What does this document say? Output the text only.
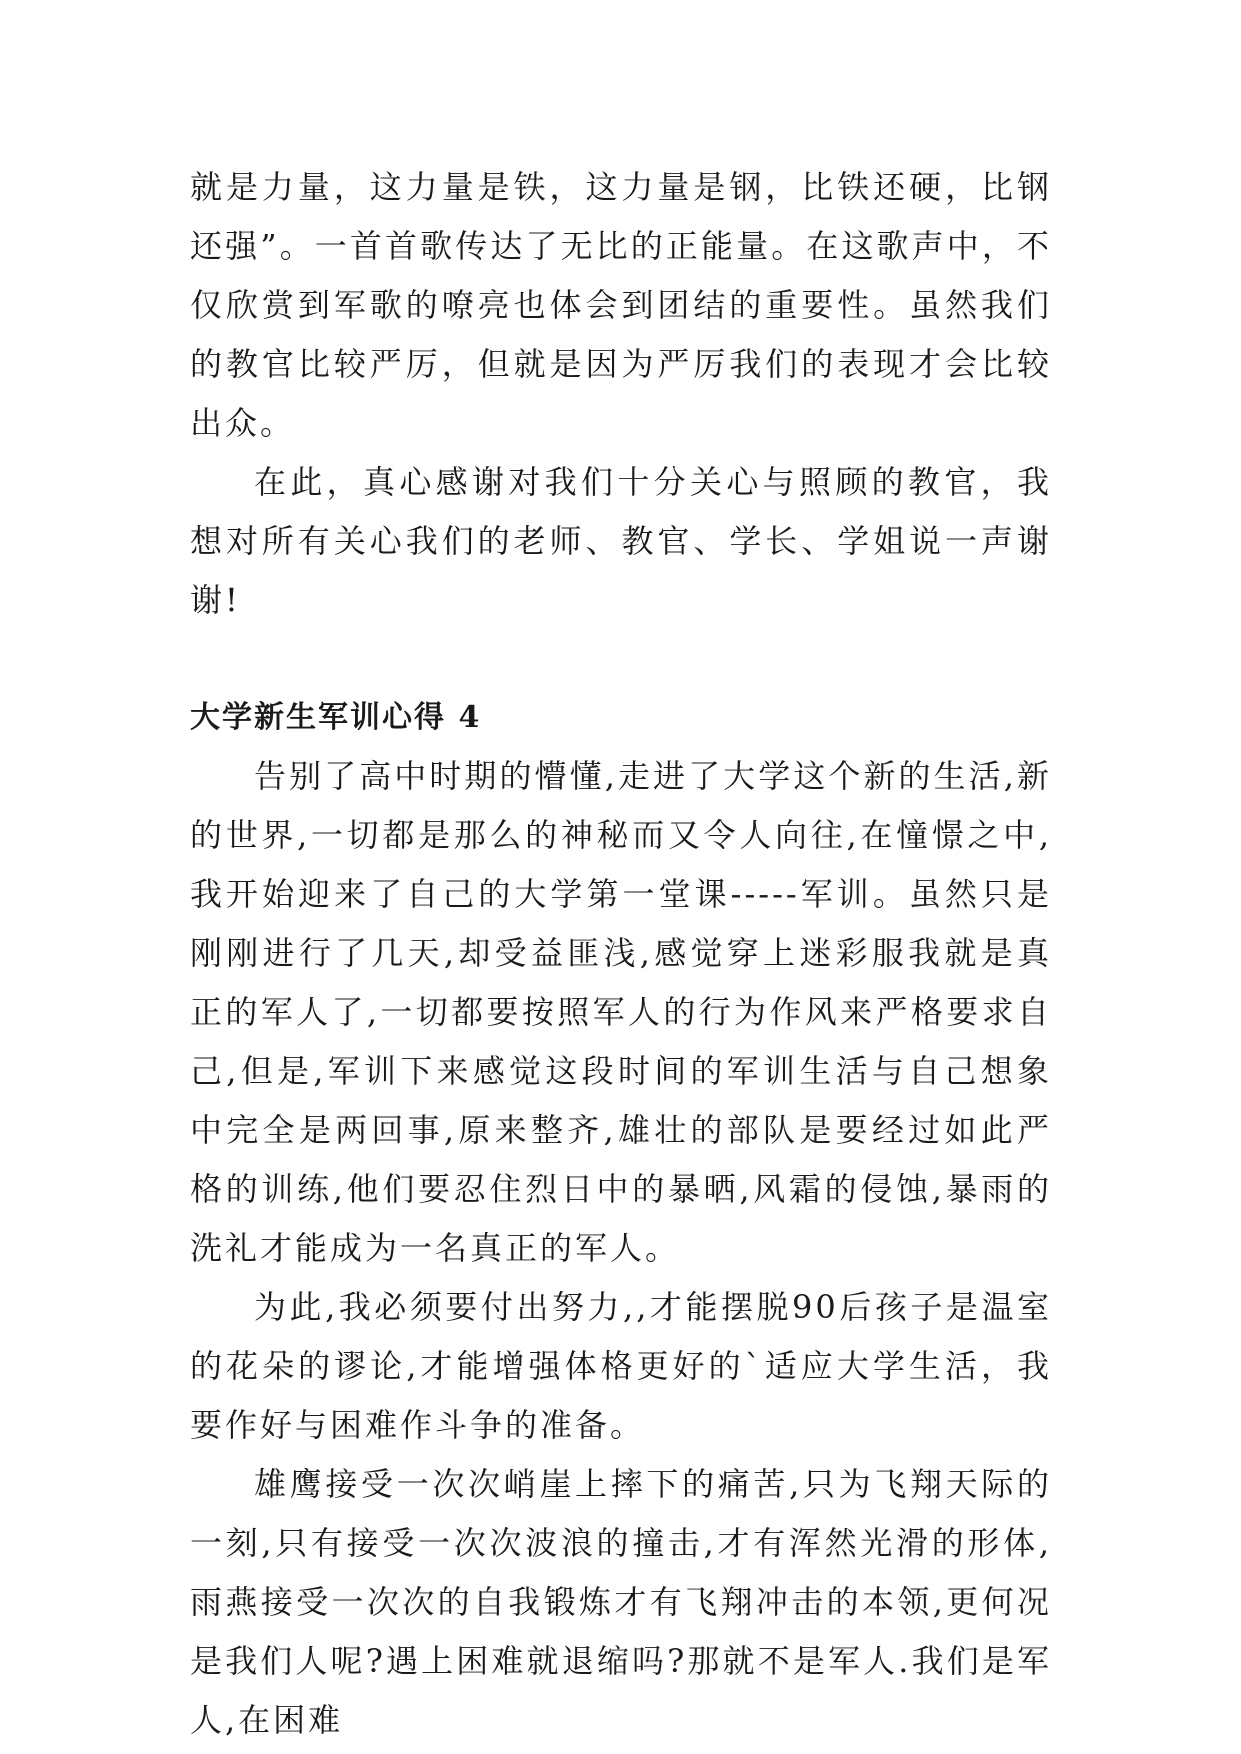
就是力量，这力量是铁，这力量是钢，比铁还硬，比钢还强”。一首首歌传达了无比的正能量。在这歌声中，不仅欣赏到军歌的嘹亮也体会到团结的重要性。虽然我们的教官比较严厉，但就是因为严厉我们的表现才会比较出众。

在此，真心感谢对我们十分关心与照顾的教官，我想对所有关心我们的老师、教官、学长、学姐说一声谢谢!

大学新生军训心得 4

告别了高中时期的懵懂,走进了大学这个新的生活,新的世界,一切都是那么的神秘而又令人向往,在憧憬之中,我开始迎来了自己的大学第一堂课-----军训。虽然只是刚刚进行了几天,却受益匪浅,感觉穿上迷彩服我就是真正的军人了,一切都要按照军人的行为作风来严格要求自己,但是,军训下来感觉这段时间的军训生活与自己想象中完全是两回事,原来整齐,雄壮的部队是要经过如此严格的训练,他们要忍住烈日中的暴晒,风霜的侵蚀,暴雨的洗礼才能成为一名真正的军人。

为此,我必须要付出努力,,才能摆脱90后孩子是温室的花朵的谬论,才能增强体格更好的`适应大学生活，我要作好与困难作斗争的准备。

雄鹰接受一次次峭崖上摔下的痛苦,只为飞翔天际的一刻,只有接受一次次波浪的撞击,才有浑然光滑的形体,雨燕接受一次次的自我锻炼才有飞翔冲击的本领,更何况是我们人呢?遇上困难就退缩吗?那就不是军人.我们是军人,在困难
